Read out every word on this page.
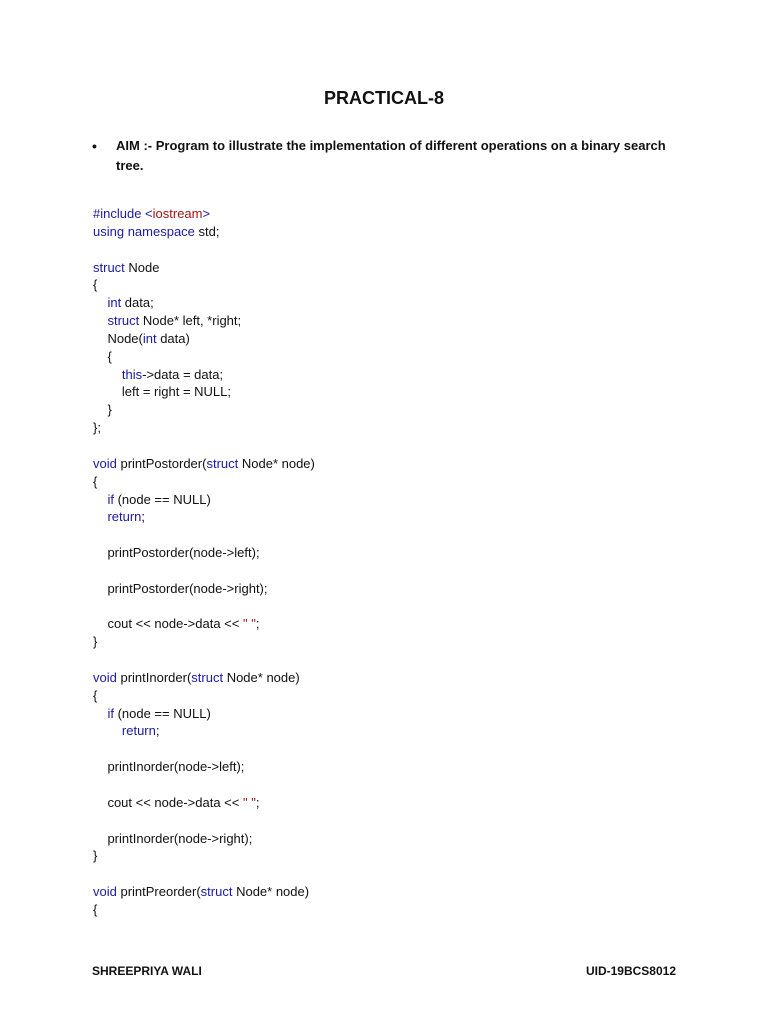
PRACTICAL-8
•	AIM :- Program to illustrate the implementation of different operations on a binary search tree.
#include <iostream>
using namespace std;
struct Node
{
int data;
struct Node* left, *right;
Node(int data)
{
this->data = data;
left = right = NULL;
}
};
void printPostorder(struct Node* node)
{
if (node == NULL)
return;
printPostorder(node->left);
printPostorder(node->right);
cout << node->data << " ";
}
void printInorder(struct Node* node)
{
if (node == NULL)
return;
printInorder(node->left);
cout << node->data << " ";
printInorder(node->right);
}
void printPreorder(struct Node* node)
{
SHREEPRIYA WALI	UID-19BCS8012
